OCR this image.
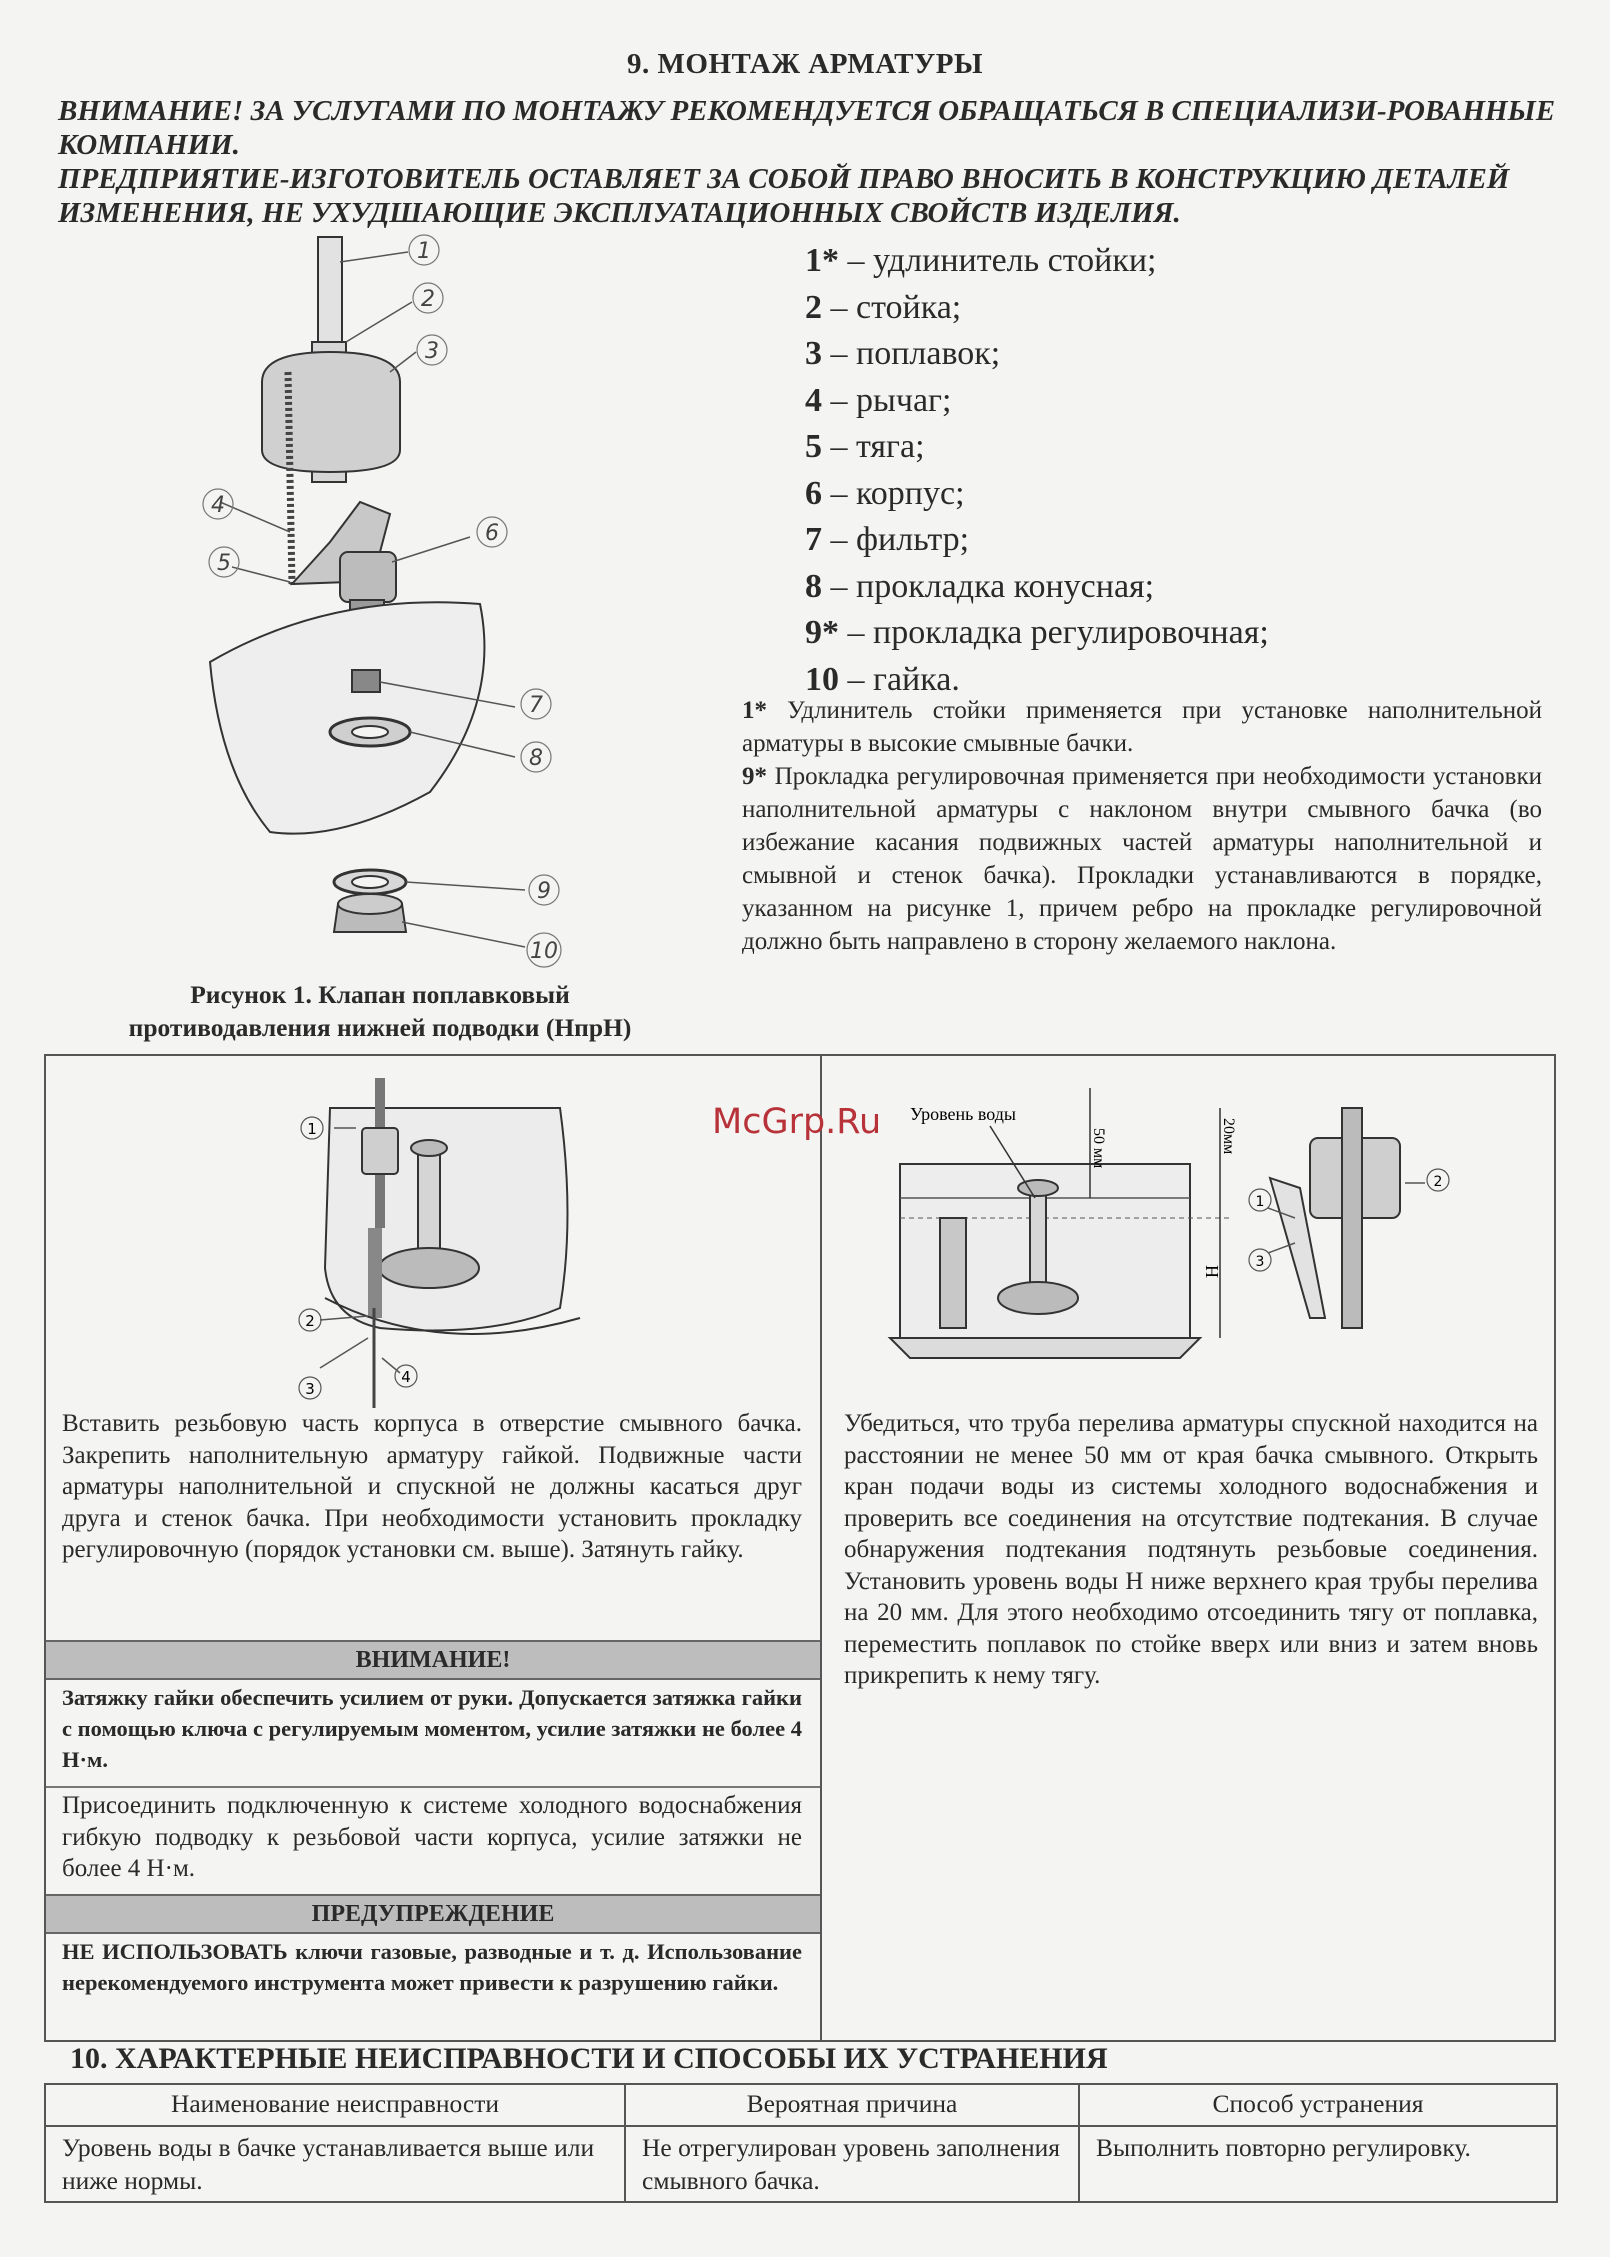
9. МОНТАЖ АРМАТУРЫ
ВНИМАНИЕ! ЗА УСЛУГАМИ ПО МОНТАЖУ РЕКОМЕНДУЕТСЯ ОБРАЩАТЬСЯ В СПЕЦИАЛИЗИ-РОВАННЫЕ КОМПАНИИ.
ПРЕДПРИЯТИЕ-ИЗГОТОВИТЕЛЬ ОСТАВЛЯЕТ ЗА СОБОЙ ПРАВО ВНОСИТЬ В КОНСТРУКЦИЮ ДЕТАЛЕЙ ИЗМЕНЕНИЯ, НЕ УХУДШАЮЩИЕ ЭКСПЛУАТАЦИОННЫХ СВОЙСТВ ИЗДЕЛИЯ.
1
2
3
4
5
6
7
8
9
10
1* – удлинитель стойки;
2 – стойка;
3 – поплавок;
4 – рычаг;
5 – тяга;
6 – корпус;
7 – фильтр;
8 – прокладка конусная;
9* – прокладка регулировочная;
10 – гайка.
1* Удлинитель стойки применяется при установке наполнительной арматуры в высокие смывные бачки.
9* Прокладка регулировочная применяется при необходимости установки наполнительной арматуры с наклоном внутри смывного бачка (во избежание касания подвижных частей арматуры наполнительной и смывной и стенок бачка). Прокладки устанавливаются в порядке, указанном на рисунке 1, причем ребро на прокладке регулировочной должно быть направлено в сторону желаемого наклона.
Рисунок 1. Клапан поплавковый противодавления нижней подводки (НпрН)
1
2
3
4
Вставить резьбовую часть корпуса в отверстие смывного бачка. Закрепить наполнительную арматуру гайкой. Подвижные части арматуры наполнительной и спускной не должны касаться друг друга и стенок бачка. При необходимости установить прокладку регулировочную (порядок установки см. выше). Затянуть гайку.
ВНИМАНИЕ!
Затяжку гайки обеспечить усилием от руки. Допускается затяжка гайки с помощью ключа с регулируемым моментом, усилие затяжки не более 4 Н·м.
Присоединить подключенную к системе холодного водоснабжения гибкую подводку к резьбовой части корпуса, усилие затяжки не более 4 Н·м.
ПРЕДУПРЕЖДЕНИЕ
НЕ ИСПОЛЬЗОВАТЬ ключи газовые, разводные и т. д. Использование нерекомендуемого инструмента может привести к разрушению гайки.
Уровень воды
50 мм	20мм
Н
1
2
3
McGrp.Ru
Убедиться, что труба перелива арматуры спускной находится на расстоянии не менее 50 мм от края бачка смывного. Открыть кран подачи воды из системы холодного водоснабжения и проверить все соединения на отсутствие подтекания. В случае обнаружения подтекания подтянуть резьбовые соединения. Установить уровень воды Н ниже верхнего края трубы перелива на 20 мм. Для этого необходимо отсоединить тягу от поплавка, переместить поплавок по стойке вверх или вниз и затем вновь прикрепить к нему тягу.
10. ХАРАКТЕРНЫЕ НЕИСПРАВНОСТИ И СПОСОБЫ ИХ УСТРАНЕНИЯ
Наименование неисправности	Вероятная причина	Способ устранения
Уровень воды в бачке устанавливается выше или ниже нормы.	Не отрегулирован уровень заполнения смывного бачка.	Выполнить повторно регулировку.
